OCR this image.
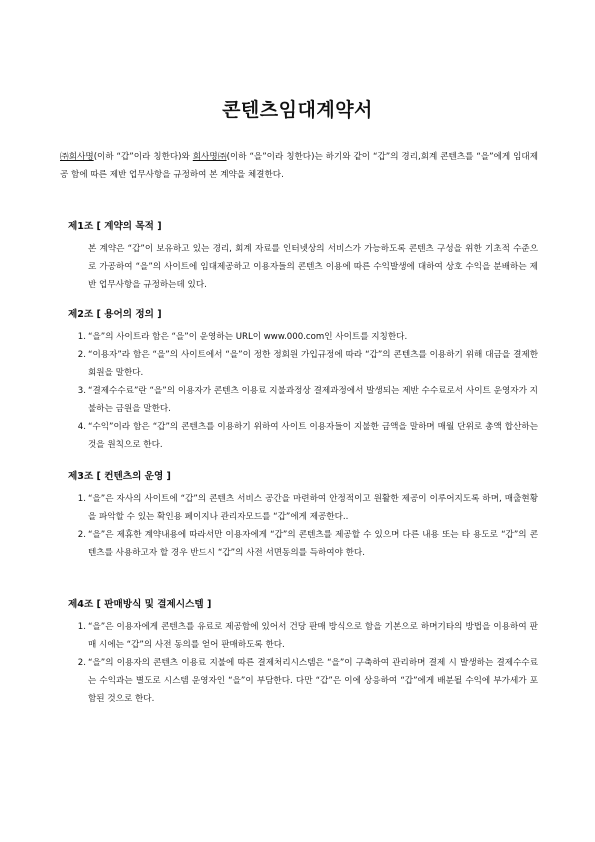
콘텐츠임대계약서
㈜회사명(이하 “갑”이라 칭한다)와 회사명㈜(이하 “을”이라 칭한다)는 하기와 같이 “갑”의 경리,회계 콘텐츠를 “을”에게 임대제공 함에 따른 제반 업무사항을 규정하여 본 계약을 체결한다.
제1조 [ 계약의 목적 ]
본 계약은 “갑”이 보유하고 있는 경리, 회계 자료를 인터넷상의 서비스가 가능하도록 콘텐츠 구성을 위한 기초적 수준으로 가공하여 “을”의 사이트에 임대제공하고 이용자들의 콘텐츠 이용에 따른 수익발생에 대하여 상호 수익을 분배하는 제반 업무사항을 규정하는데 있다.
제2조 [ 용어의 정의 ]
1. “을”의 사이트라 함은 “을”이 운영하는 URL이 www.000.com인 사이트를 지칭한다.
2. “이용자”라 함은 “을”의 사이트에서 “을”이 정한 정회원 가입규정에 따라 “갑”의 콘텐츠를 이용하기 위해 대금을 결제한 회원을 말한다.
3. “결제수수료”란 “을”의 이용자가 콘텐츠 이용료 지불과정상 결제과정에서 발생되는 제반 수수료로서 사이트 운영자가 지불하는 금원을 말한다.
4. “수익”이라 함은 “갑”의 콘텐츠를 이용하기 위하여 사이트 이용자들이 지불한 금액을 말하며 매월 단위로 총액 합산하는 것을 원칙으로 한다.
제3조 [ 컨텐츠의 운영 ]
1. “을”은 자사의 사이트에 “갑”의 콘텐츠 서비스 공간을 마련하여 안정적이고 원활한 제공이 이루어지도록 하며, 매출현황을 파악할 수 있는 확인용 페이지나 관리자모드를 “갑”에게 제공한다..
2. “을”은 제휴한 계약내용에 따라서만 이용자에게 “갑”의 콘텐츠를 제공할 수 있으며 다른 내용 또는 타 용도로 “갑”의 콘텐츠를 사용하고자 할 경우 반드시 “갑”의 사전 서면동의를 득하여야 한다.
제4조 [ 판매방식 및 결제시스템 ]
1. “을”은 이용자에게 콘텐츠를 유료로 제공함에 있어서 건당 판매 방식으로 함을 기본으로 하며기타의 방법을 이용하여 판매 시에는 “갑”의 사전 동의를 얻어 판매하도록 한다.
2. “을”의 이용자의 콘텐츠 이용료 지불에 따른 결제처리시스템은 “을”이 구축하여 관리하며 결제 시 발생하는 결제수수료는 수익과는 별도로 시스템 운영자인 “을”이 부담한다. 다만 “갑”은 이에 상응하여 “갑”에게 배분될 수익에 부가세가 포함된 것으로 한다.
